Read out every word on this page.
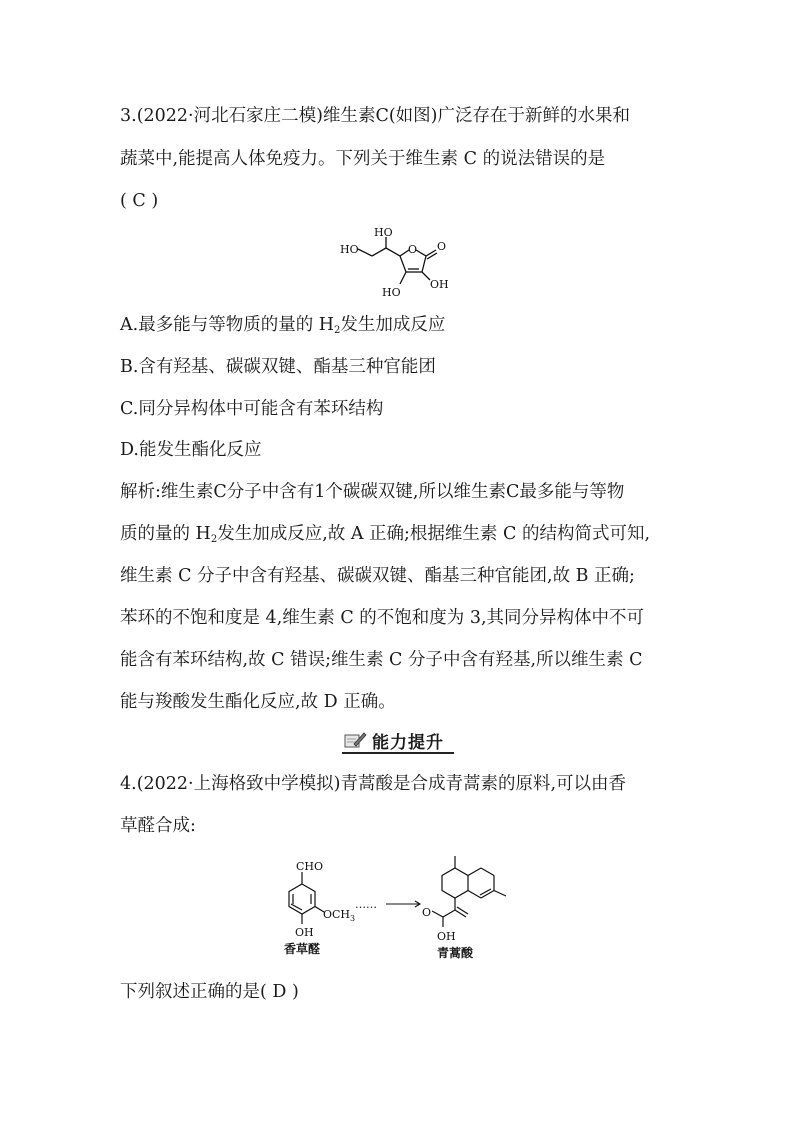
3.(2022·河北石家庄二模)维生素C(如图)广泛存在于新鲜的水果和
蔬菜中,能提高人体免疫力。下列关于维生素 C 的说法错误的是
( C )
HO
HO	O O
HO
OH
A.最多能与等物质的量的 $H_2$发生加成反应
B.含有羟基、碳碳双键、酯基三种官能团
C.同分异构体中可能含有苯环结构
D.能发生酯化反应
解析:维生素C分子中含有1个碳碳双键,所以维生素C最多能与等物
质的量的 $H_2$发生加成反应,故 A 正确;根据维生素 C 的结构简式可知,
维生素 C 分子中含有羟基、碳碳双键、酯基三种官能团,故 B 正确;
苯环的不饱和度是 4,维生素 C 的不饱和度为 3,其同分异构体中不可
能含有苯环结构,故 C 错误;维生素 C 分子中含有羟基,所以维生素 C
能与羧酸发生酯化反应,故 D 正确。
能力提升
4.(2022·上海格致中学模拟)青蒿酸是合成青蒿素的原料,可以由香
草醛合成:
CHO
$OCH_3$
OH
香草醛
……
O
OH
青蒿酸
下列叙述正确的是( D )
